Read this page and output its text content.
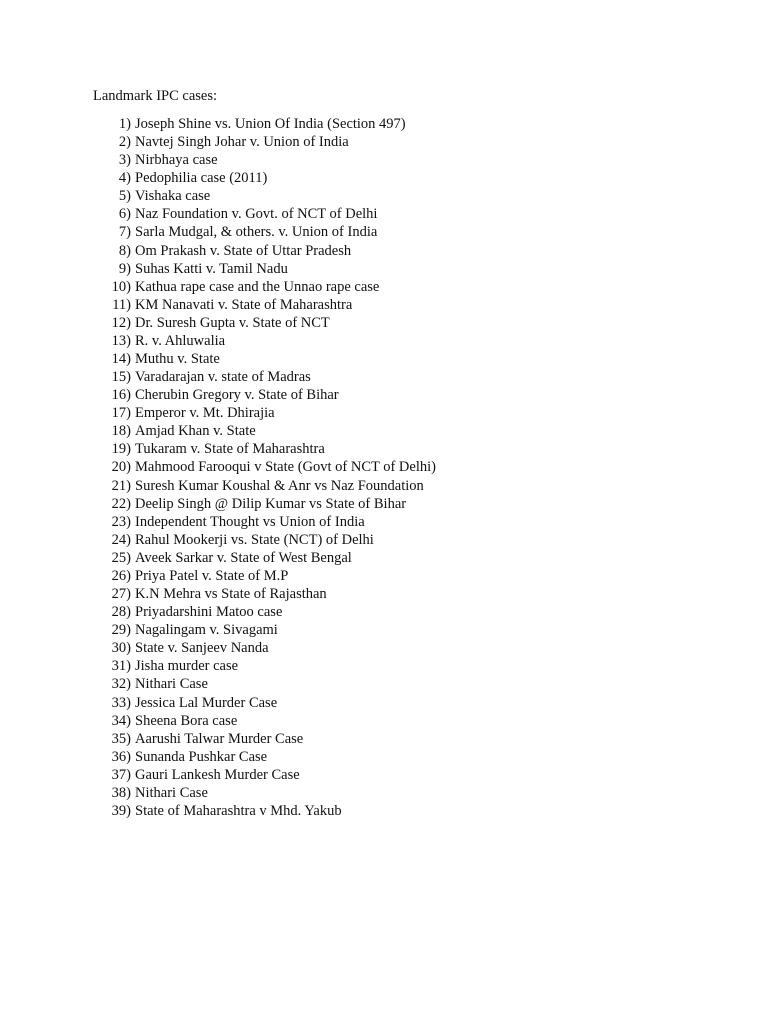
Landmark IPC cases:
1) Joseph Shine vs. Union Of India (Section 497)
2) Navtej Singh Johar v. Union of India
3) Nirbhaya case
4) Pedophilia case (2011)
5) Vishaka case
6) Naz Foundation v. Govt. of NCT of Delhi
7) Sarla Mudgal, & others. v. Union of India
8) Om Prakash v. State of Uttar Pradesh
9) Suhas Katti v. Tamil Nadu
10) Kathua rape case and the Unnao rape case
11) KM Nanavati v. State of Maharashtra
12) Dr. Suresh Gupta v. State of NCT
13) R. v. Ahluwalia
14) Muthu v. State
15) Varadarajan v. state of Madras
16) Cherubin Gregory v. State of Bihar
17) Emperor v. Mt. Dhirajia
18) Amjad Khan v. State
19) Tukaram v. State of Maharashtra
20) Mahmood Farooqui v State (Govt of NCT of Delhi)
21) Suresh Kumar Koushal & Anr vs Naz Foundation
22) Deelip Singh @ Dilip Kumar vs State of Bihar
23) Independent Thought vs Union of India
24) Rahul Mookerji vs. State (NCT) of Delhi
25) Aveek Sarkar v. State of West Bengal
26) Priya Patel v. State of M.P
27) K.N Mehra vs State of Rajasthan
28) Priyadarshini Matoo case
29) Nagalingam v. Sivagami
30) State v. Sanjeev Nanda
31) Jisha murder case
32) Nithari Case
33) Jessica Lal Murder Case
34) Sheena Bora case
35) Aarushi Talwar Murder Case
36) Sunanda Pushkar Case
37) Gauri Lankesh Murder Case
38) Nithari Case
39) State of Maharashtra v Mhd. Yakub
